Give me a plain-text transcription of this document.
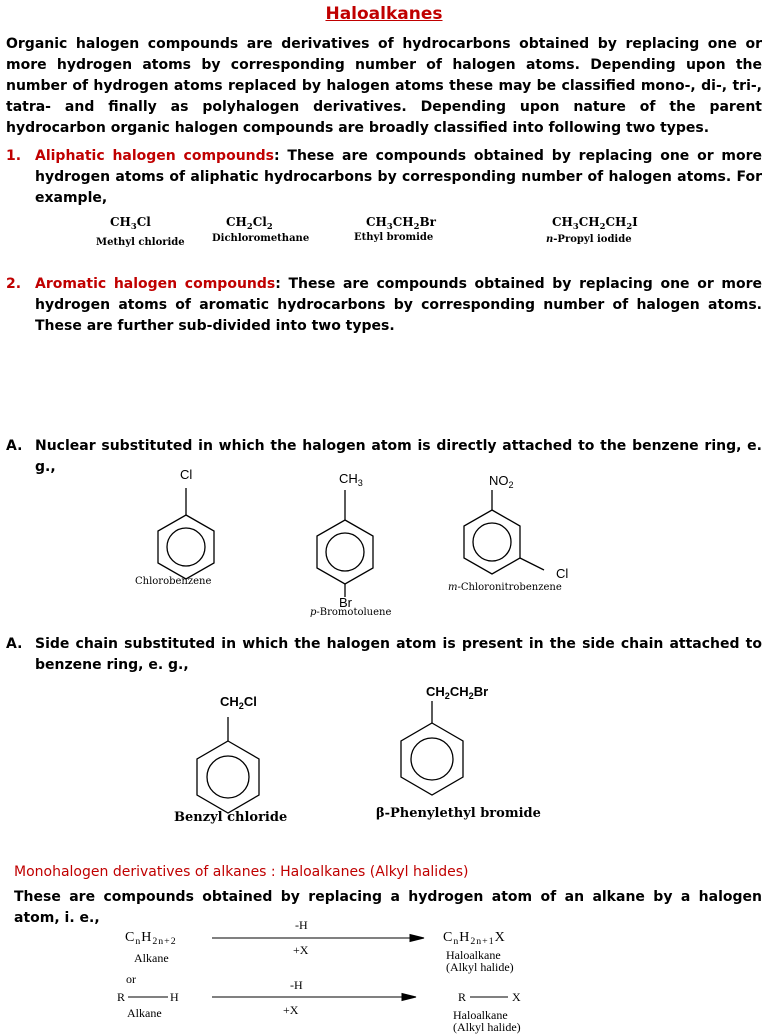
Haloalkanes
Organic halogen compounds are derivatives of hydrocarbons obtained by replacing one or more hydrogen atoms by corresponding number of halogen atoms. Depending upon the number of hydrogen atoms replaced by halogen atoms these may be classified mono-, di-, tri-, tatra- and finally as polyhalogen derivatives. Depending upon nature of the parent hydrocarbon organic halogen compounds are broadly classified into following two types.
1. Aliphatic halogen compounds: These are compounds obtained by replacing one or more hydrogen atoms of aliphatic hydrocarbons by corresponding number of halogen atoms. For example,
$CH_3Cl$
Methyl chloride
$CH_2Cl_2$
Dichloromethane
$CH_3CH_2Br$
Ethyl bromide
$CH_3CH_2CH_2I$
n-Propyl iodide
2. Aromatic halogen compounds: These are compounds obtained by replacing one or more hydrogen atoms of aromatic hydrocarbons by corresponding number of halogen atoms. These are further sub-divided into two types.
A. Nuclear substituted in which the halogen atom is directly attached to the benzene ring, e. g.,	Cl
Chlorobenzene
$CH_3$
Br
p-Bromotoluene
$NO_2$
Cl
m-Chloronitrobenzene
A. Side chain substituted in which the halogen atom is present in the side chain attached to benzene ring, e. g.,
$CH_2Cl$
Benzyl chloride
$CH_2CH_2Br$
β-Phenylethyl bromide
Monohalogen derivatives of alkanes : Haloalkanes (Alkyl halides)
These are compounds obtained by replacing a hydrogen atom of an alkane by a halogen atom, i. e.,
$C_nH_{2n+2}$
Alkane
-H
+X
$C_nH_{2n+1}X$
Haloalkane
(Alkyl halide)
or
R	H
Alkane
-H
+X
R	X
Haloalkane
(Alkyl halide)
